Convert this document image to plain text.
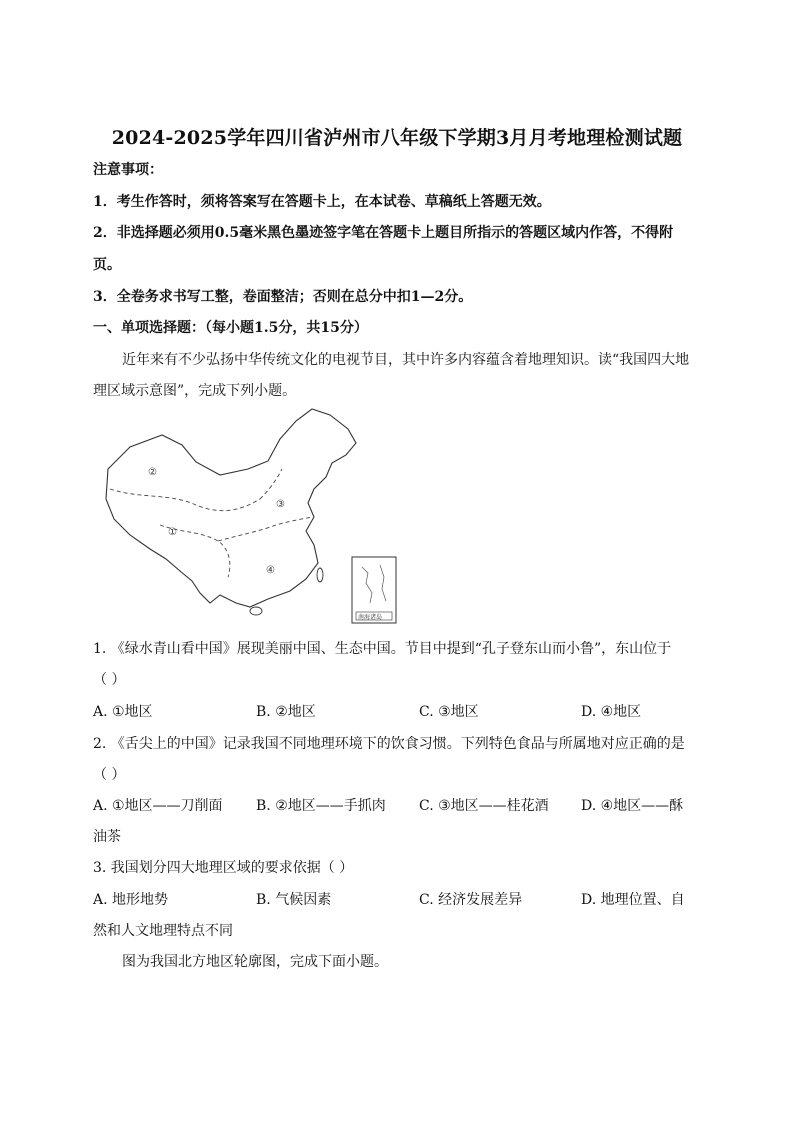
2024-2025学年四川省泸州市八年级下学期3月月考地理检测试题
注意事项：
1．考生作答时，须将答案写在答题卡上，在本试卷、草稿纸上答题无效。
2．非选择题必须用0.5毫米黑色墨迹签字笔在答题卡上题目所指示的答题区域内作答，不得附
页。
3．全卷务求书写工整，卷面整洁；否则在总分中扣1—2分。
一、单项选择题：（每小题1.5分，共15分）
近年来有不少弘扬中华传统文化的电视节目，其中许多内容蕴含着地理知识。读“我国四大地
理区域示意图”，完成下列小题。
②
①
③
④
南海诸岛
1. 《绿水青山看中国》展现美丽中国、生态中国。节目中提到“孔子登东山而小鲁”，东山位于
（ ）
A. ①地区	B. ②地区	C. ③地区	D. ④地区
2. 《舌尖上的中国》记录我国不同地理环境下的饮食习惯。下列特色食品与所属地对应正确的是
（ ）
A. ①地区——刀削面 B. ②地区——手抓肉 C. ③地区——桂花酒 D. ④地区——酥
油茶
3. 我国划分四大地理区域的要求依据（ ）
A. 地形地势	B. 气候因素	C. 经济发展差异	D. 地理位置、自
然和人文地理特点不同
图为我国北方地区轮廓图，完成下面小题。
